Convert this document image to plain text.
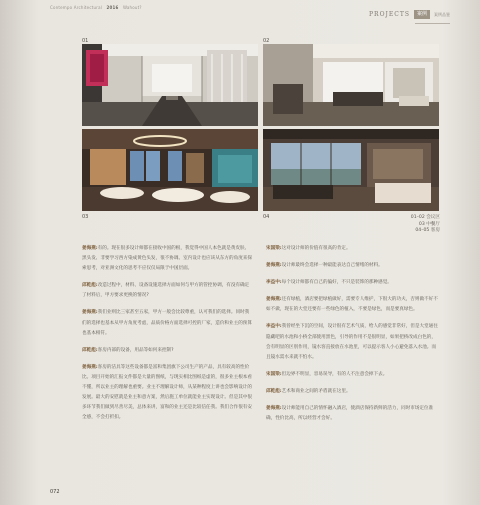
Contempo Architectural 2016 Wahout?
PROJECTS	案例	案例品鉴
01	02
03	04	01–02 会议区
03 中餐厅
04–05 客房

姜海燕:有的。现在很多设计师都在接收中国的根，我觉得中国人本色就是黄皮肤、黑头发、非要学习西方染成黄色头发，很不协调。室内设计也应该从东方的角度来探索思考，对亚洲文化的思考不应仅仅局限于中国层面。

邱乾彪:改造过程中，材料、设备设施选择方面如何与甲方的管控协调，有没有确定了材料后，甲方要求更换的情况?

姜海燕:我们业则比三家甚至五家，甲方一般会比较尊重，认可我们的选择。同时我们的选择也基本从甲方角度考虑，品质价格方面选择可控的厂家，造价和业主的预算也基本相符。

邱乾彪:客房内部的设备，用品等如何来控制?

姜海燕:客房的洁具等这些设备都是富和集团旗下公司生产的产品，具有较高的性价比。项目开始的汇报文件都是大量的图纸，与现实相比图纸是虚的，很多业主根本看不懂，所以业主的理解也重要。业主不理解设计师，从某种程度上讲也会影响设计的发展。最大的安慰就是业主和意方案，然后施工单位就能业主实现设计。但是其中很多环节我们做到尽善尽美，总体来讲，富和的业主还是比较信任我。我们合作很有安全感，不会打折扣。

宋国梁:这对设计师的价值有很高的肯定。

姜海燕:设计师最终会选择一种最能表达自己情绪的材料。

李益中:每个设计师都有自己的偏好，不只是装饰的那种感觉。

姜海燕:还有绿植，酒店要把绿植做好，需要专人维护，下很大的功夫，否则做不好不如不做，现在的大堂还要有一些绿色的植入，不要是绿色，而是要真绿色。

李益中:我曾经坐下沉的空间，设计很有艺术气质，给人的感觉非常好，但是大堂通往隐藏吧的水池和小桥全部使用黑色，引导的作用不是很明显，如果把桥改成白色的，会有明显的区别作用，镜水客直接放在水池里，可以提示客人小心避免落入水池。而且镜水需水来就不怕水。

宋国梁:但边界不明显，容易误导，有的人不注意会掉下去。

邱乾彪:艺术和商业之间的矛盾就在这里。

姜海燕:设计师能用自己的情怀融入酒店，使酒店保持新鲜的活力，同时市场定位准确，性价比高，所以经营才会好。

072
